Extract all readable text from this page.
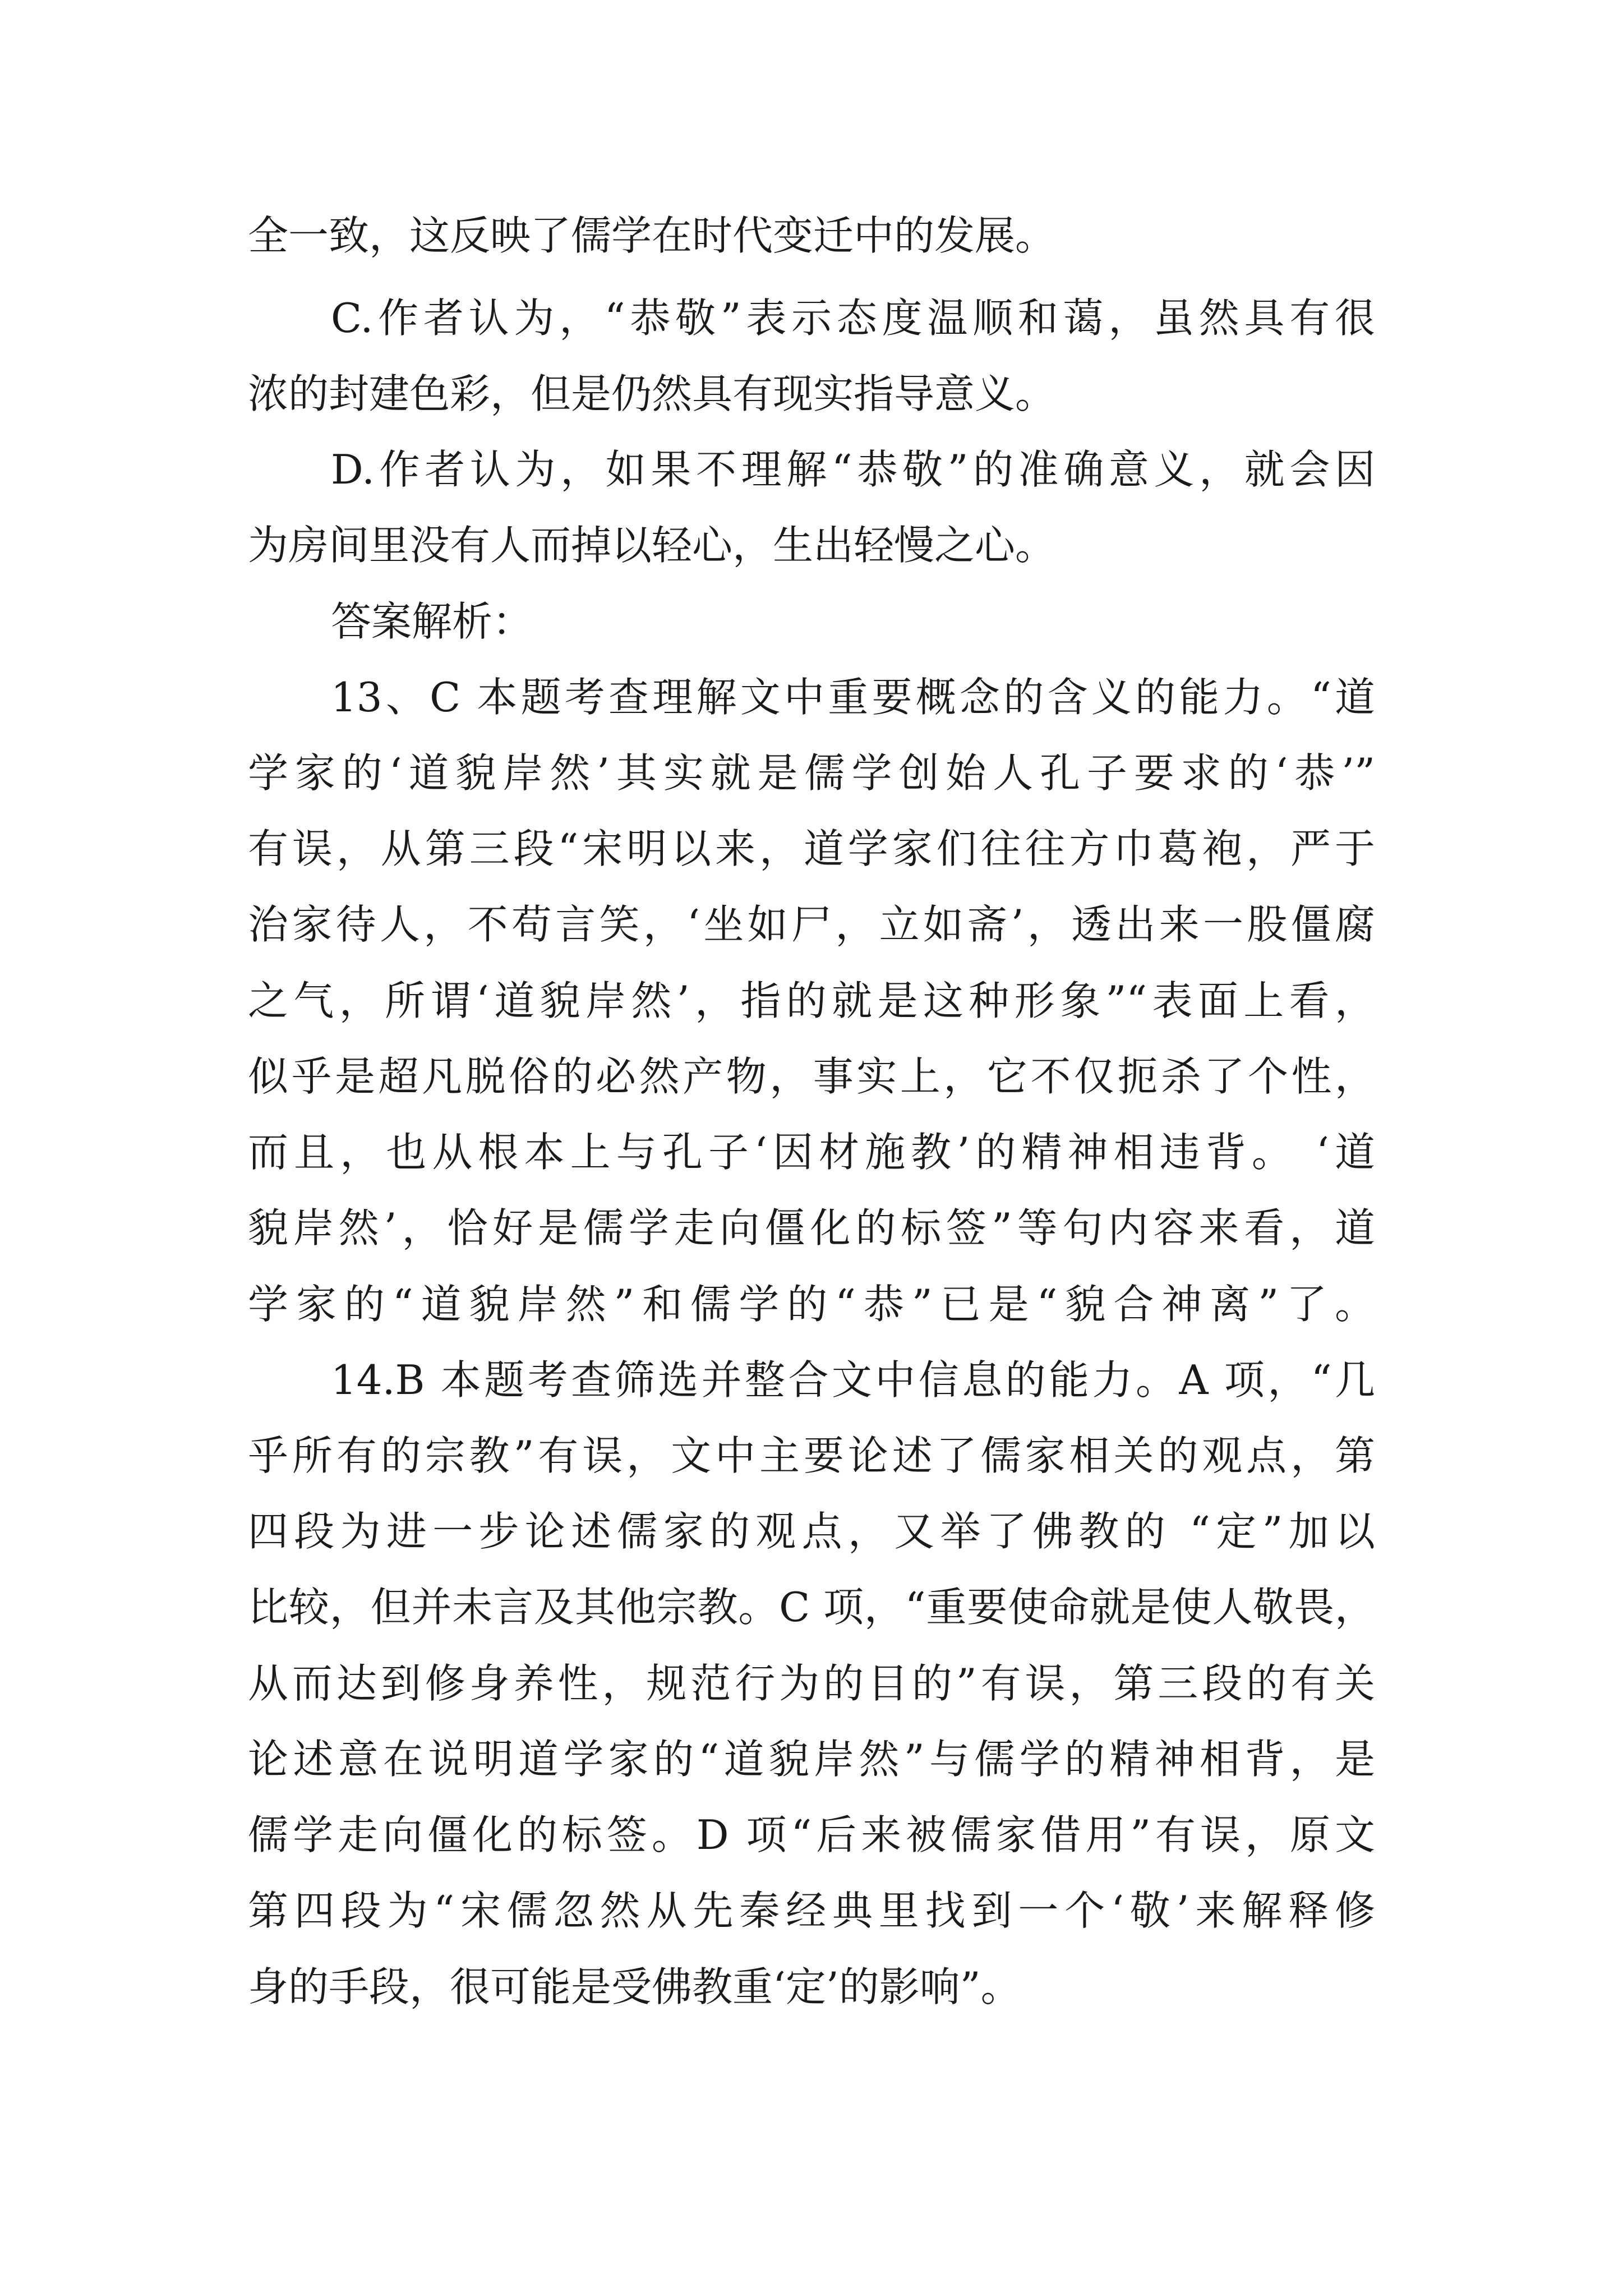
全一致，这反映了儒学在时代变迁中的发展。
C.作者认为，“恭敬”表示态度温顺和蔼，虽然具有很
浓的封建色彩，但是仍然具有现实指导意义。
D.作者认为，如果不理解“恭敬”的准确意义，就会因
为房间里没有人而掉以轻心，生出轻慢之心。
答案解析：
13、C 本题考查理解文中重要概念的含义的能力。“道
学家的‘道貌岸然’其实就是儒学创始人孔子要求的‘恭’”
有误，从第三段“宋明以来，道学家们往往方巾葛袍，严于
治家待人，不苟言笑，‘坐如尸，立如斋’，透出来一股僵腐
之气，所谓‘道貌岸然’，指的就是这种形象”“表面上看，
似乎是超凡脱俗的必然产物，事实上，它不仅扼杀了个性，
而且，也从根本上与孔子‘因材施教’的精神相违背。 ‘道
貌岸然’，恰好是儒学走向僵化的标签”等句内容来看，道
学家的“道貌岸然”和儒学的“恭”已是“貌合神离”了。
14.B 本题考查筛选并整合文中信息的能力。A 项，“几
乎所有的宗教”有误，文中主要论述了儒家相关的观点，第
四段为进一步论述儒家的观点，又举了佛教的 “定”加以
比较，但并未言及其他宗教。C 项，“重要使命就是使人敬畏，
从而达到修身养性，规范行为的目的”有误，第三段的有关
论述意在说明道学家的“道貌岸然”与儒学的精神相背，是
儒学走向僵化的标签。D 项“后来被儒家借用”有误，原文
第四段为“宋儒忽然从先秦经典里找到一个‘敬’来解释修
身的手段，很可能是受佛教重‘定’的影响”。
